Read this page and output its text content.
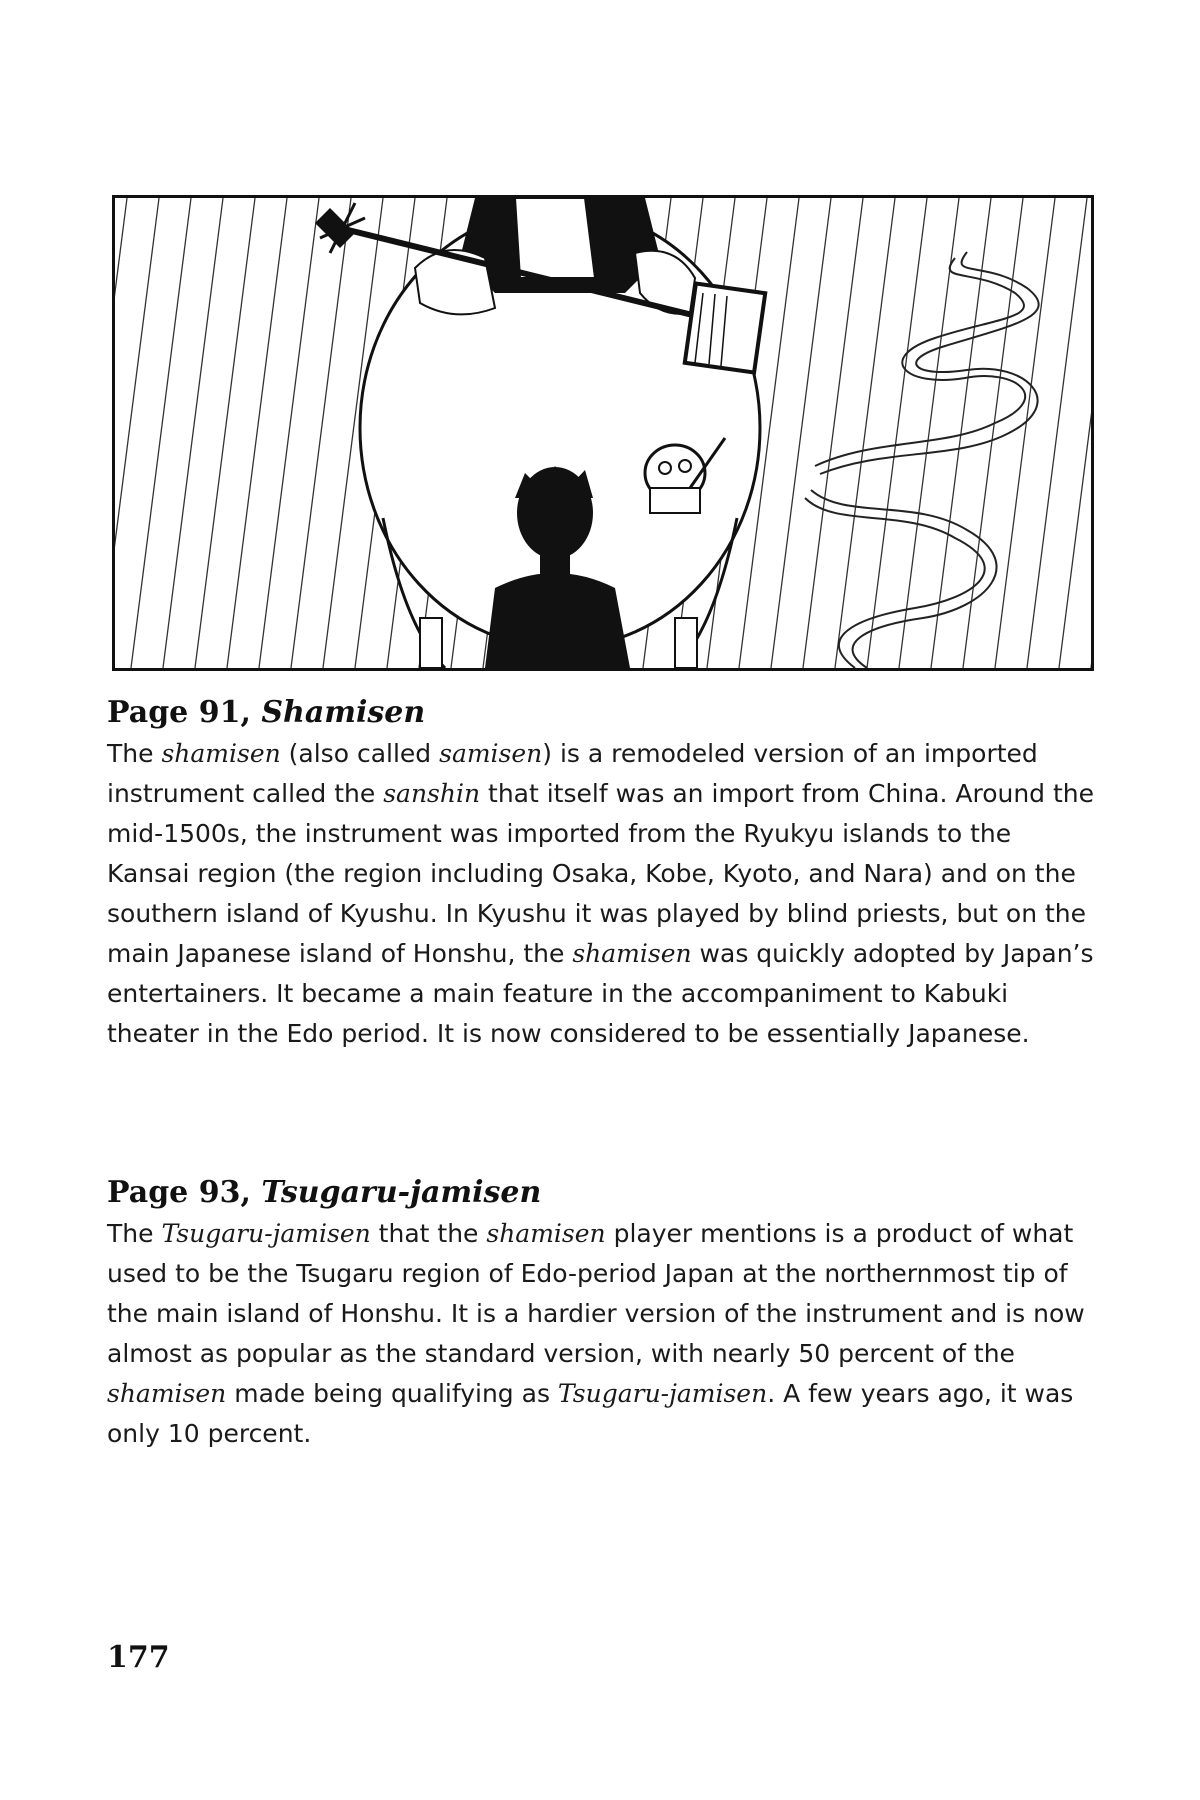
Page 91, Shamisen

The shamisen (also called samisen) is a remodeled version of an imported instrument called the sanshin that itself was an import from China. Around the mid-1500s, the instrument was imported from the Ryukyu islands to the Kansai region (the region including Osaka, Kobe, Kyoto, and Nara) and on the southern island of Kyushu. In Kyushu it was played by blind priests, but on the main Japanese island of Honshu, the shamisen was quickly adopted by Japan’s entertainers. It became a main feature in the accompaniment to Kabuki theater in the Edo period. It is now considered to be essentially Japanese.

Page 93, Tsugaru-jamisen

The Tsugaru-jamisen that the shamisen player mentions is a product of what used to be the Tsugaru region of Edo-period Japan at the northernmost tip of the main island of Honshu. It is a hardier version of the instrument and is now almost as popular as the standard version, with nearly 50 percent of the shamisen made being qualifying as Tsugaru-jamisen. A few years ago, it was only 10 percent.

177
